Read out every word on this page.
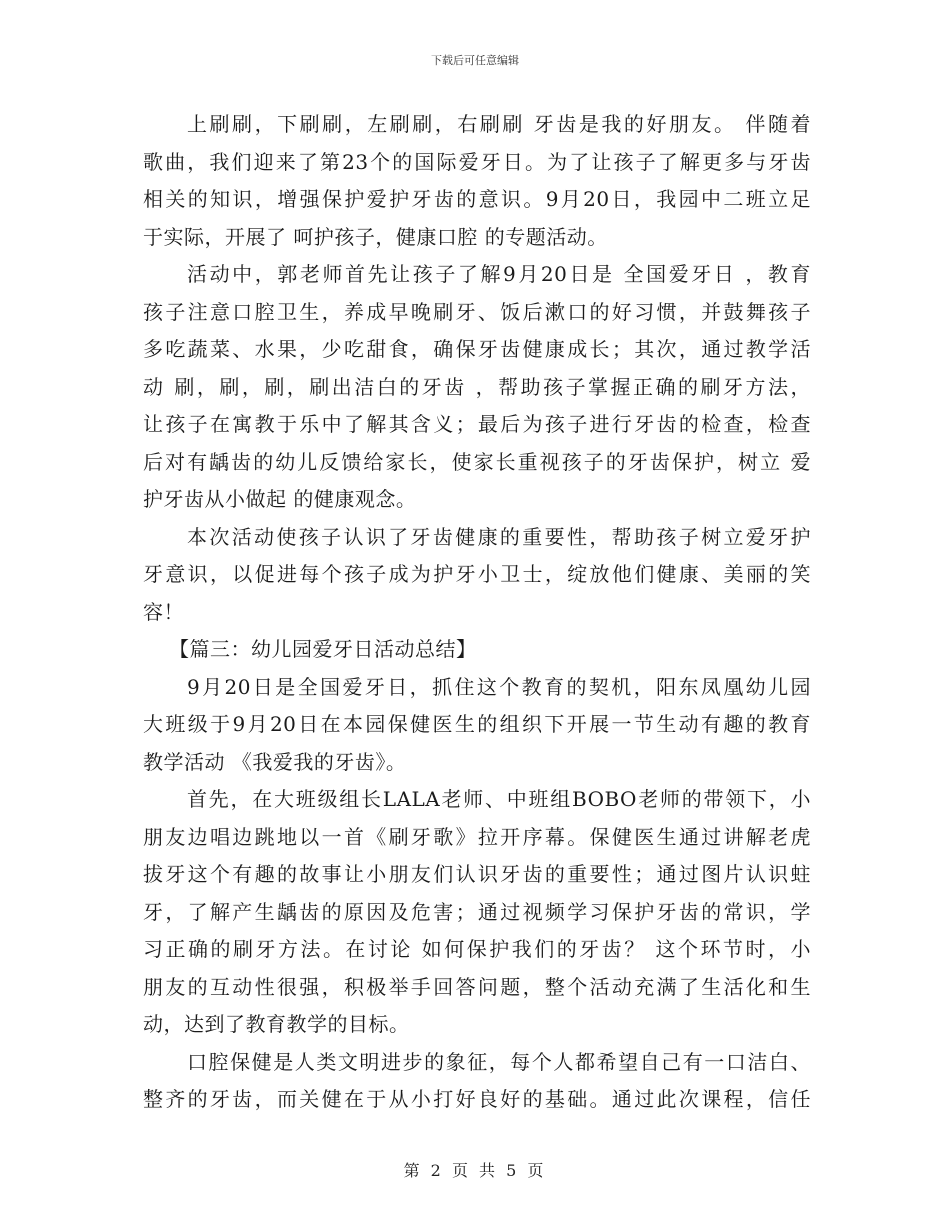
下载后可任意编辑
上刷刷，下刷刷，左刷刷，右刷刷 牙齿是我的好朋友。 伴随着
歌曲，我们迎来了第23个的国际爱牙日。为了让孩子了解更多与牙齿
相关的知识，增强保护爱护牙齿的意识。9月20日，我园中二班立足
于实际，开展了 呵护孩子，健康口腔 的专题活动。
活动中，郭老师首先让孩子了解9月20日是 全国爱牙日 ，教育
孩子注意口腔卫生，养成早晚刷牙、饭后漱口的好习惯，并鼓舞孩子
多吃蔬菜、水果，少吃甜食，确保牙齿健康成长；其次，通过教学活
动 刷，刷，刷，刷出洁白的牙齿 ，帮助孩子掌握正确的刷牙方法，
让孩子在寓教于乐中了解其含义；最后为孩子进行牙齿的检查，检查
后对有龋齿的幼儿反馈给家长，使家长重视孩子的牙齿保护，树立 爱
护牙齿从小做起 的健康观念。
本次活动使孩子认识了牙齿健康的重要性，帮助孩子树立爱牙护
牙意识，以促进每个孩子成为护牙小卫士，绽放他们健康、美丽的笑
容！
【篇三：幼儿园爱牙日活动总结】
9月20日是全国爱牙日，抓住这个教育的契机，阳东凤凰幼儿园
大班级于9月20日在本园保健医生的组织下开展一节生动有趣的教育
教学活动 《我爱我的牙齿》。
首先，在大班级组长LALA老师、中班组BOBO老师的带领下，小
朋友边唱边跳地以一首《刷牙歌》拉开序幕。保健医生通过讲解老虎
拔牙这个有趣的故事让小朋友们认识牙齿的重要性；通过图片认识蛀
牙，了解产生龋齿的原因及危害；通过视频学习保护牙齿的常识，学
习正确的刷牙方法。在讨论 如何保护我们的牙齿？ 这个环节时，小
朋友的互动性很强，积极举手回答问题，整个活动充满了生活化和生
动，达到了教育教学的目标。
口腔保健是人类文明进步的象征，每个人都希望自己有一口洁白、
整齐的牙齿，而关健在于从小打好良好的基础。通过此次课程，信任
第 2 页 共 5 页
